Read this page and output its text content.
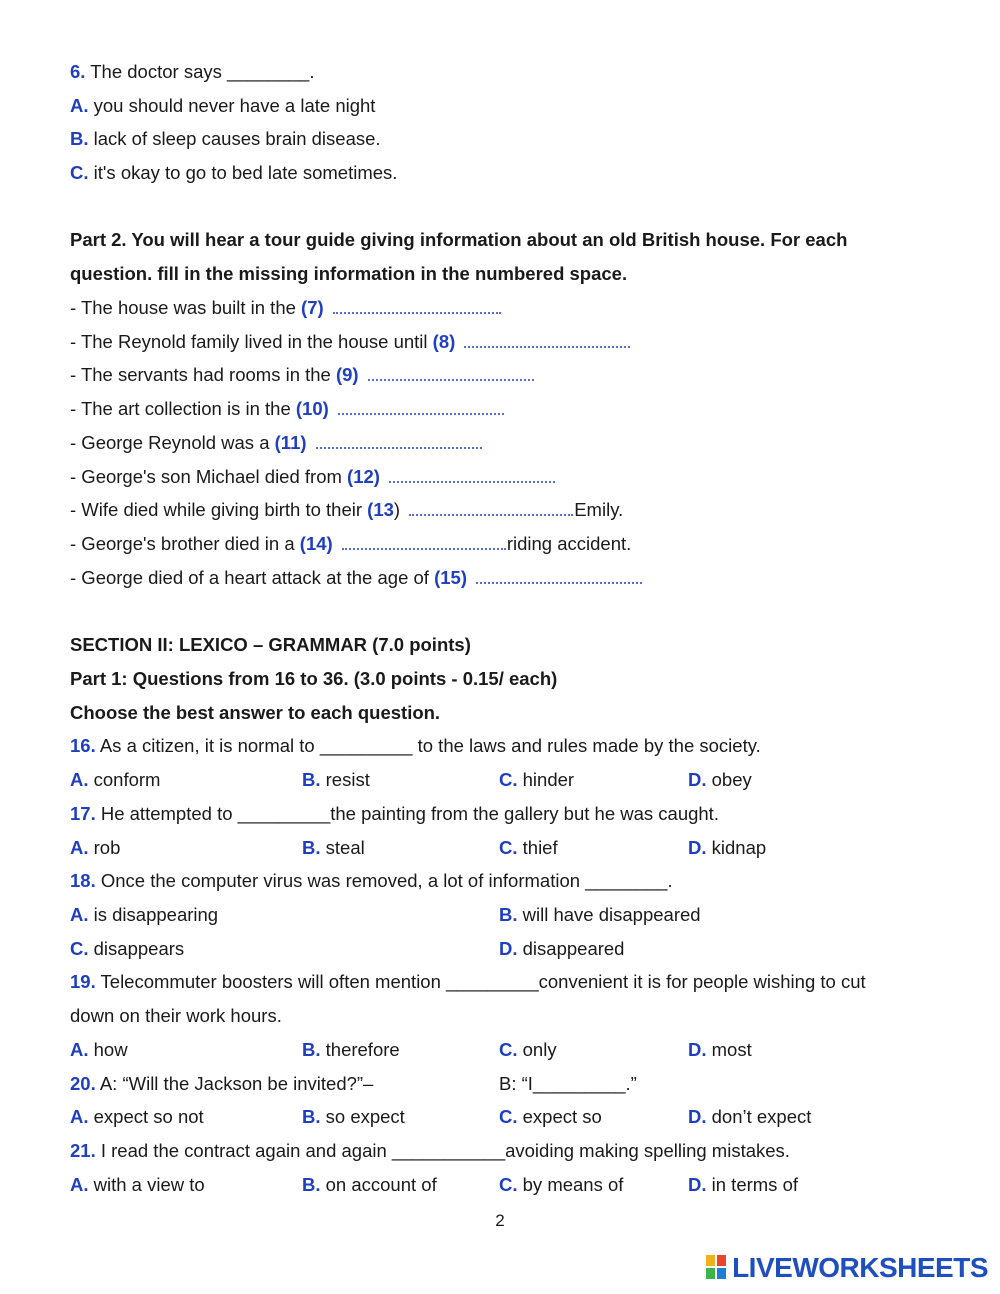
6. The doctor says ________.
A. you should never have a late night
B. lack of sleep causes brain disease.
C. it's okay to go to bed late sometimes.
Part 2. You will hear a tour guide giving information about an old British house. For each
question. fill in the missing information in the numbered space.
- The house was built in the (7)
- The Reynold family lived in the house until (8)
- The servants had rooms in the (9)
- The art collection is in the (10)
- George Reynold was a (11)
- George's son Michael died from (12)
- Wife died while giving birth to their (13)	Emily.
- George's brother died in a (14)	riding accident.
- George died of a heart attack at the age of (15)
SECTION II: LEXICO – GRAMMAR (7.0 points)
Part 1: Questions from 16 to 36. (3.0 points - 0.15/ each)
Choose the best answer to each question.
16. As a citizen, it is normal to _________ to the laws and rules made by the society.
A. conform	B. resist	C. hinder	D. obey
17. He attempted to _________the painting from the gallery but he was caught.
A. rob	B. steal	C. thief	D. kidnap
18. Once the computer virus was removed, a lot of information ________.
A. is disappearing	B. will have disappeared
C. disappears	D. disappeared
19. Telecommuter boosters will often mention _________convenient it is for people wishing to cut
down on their work hours.
A. how	B. therefore	C. only	D. most
20. A: “Will the Jackson be invited?”–	B: “I_________.”
A. expect so not	B. so expect	C. expect so	D. don’t expect
21. I read the contract again and again ___________avoiding making spelling mistakes.
A. with a view to	B. on account of	C. by means of	D. in terms of
2
LIVEWORKSHEETS
